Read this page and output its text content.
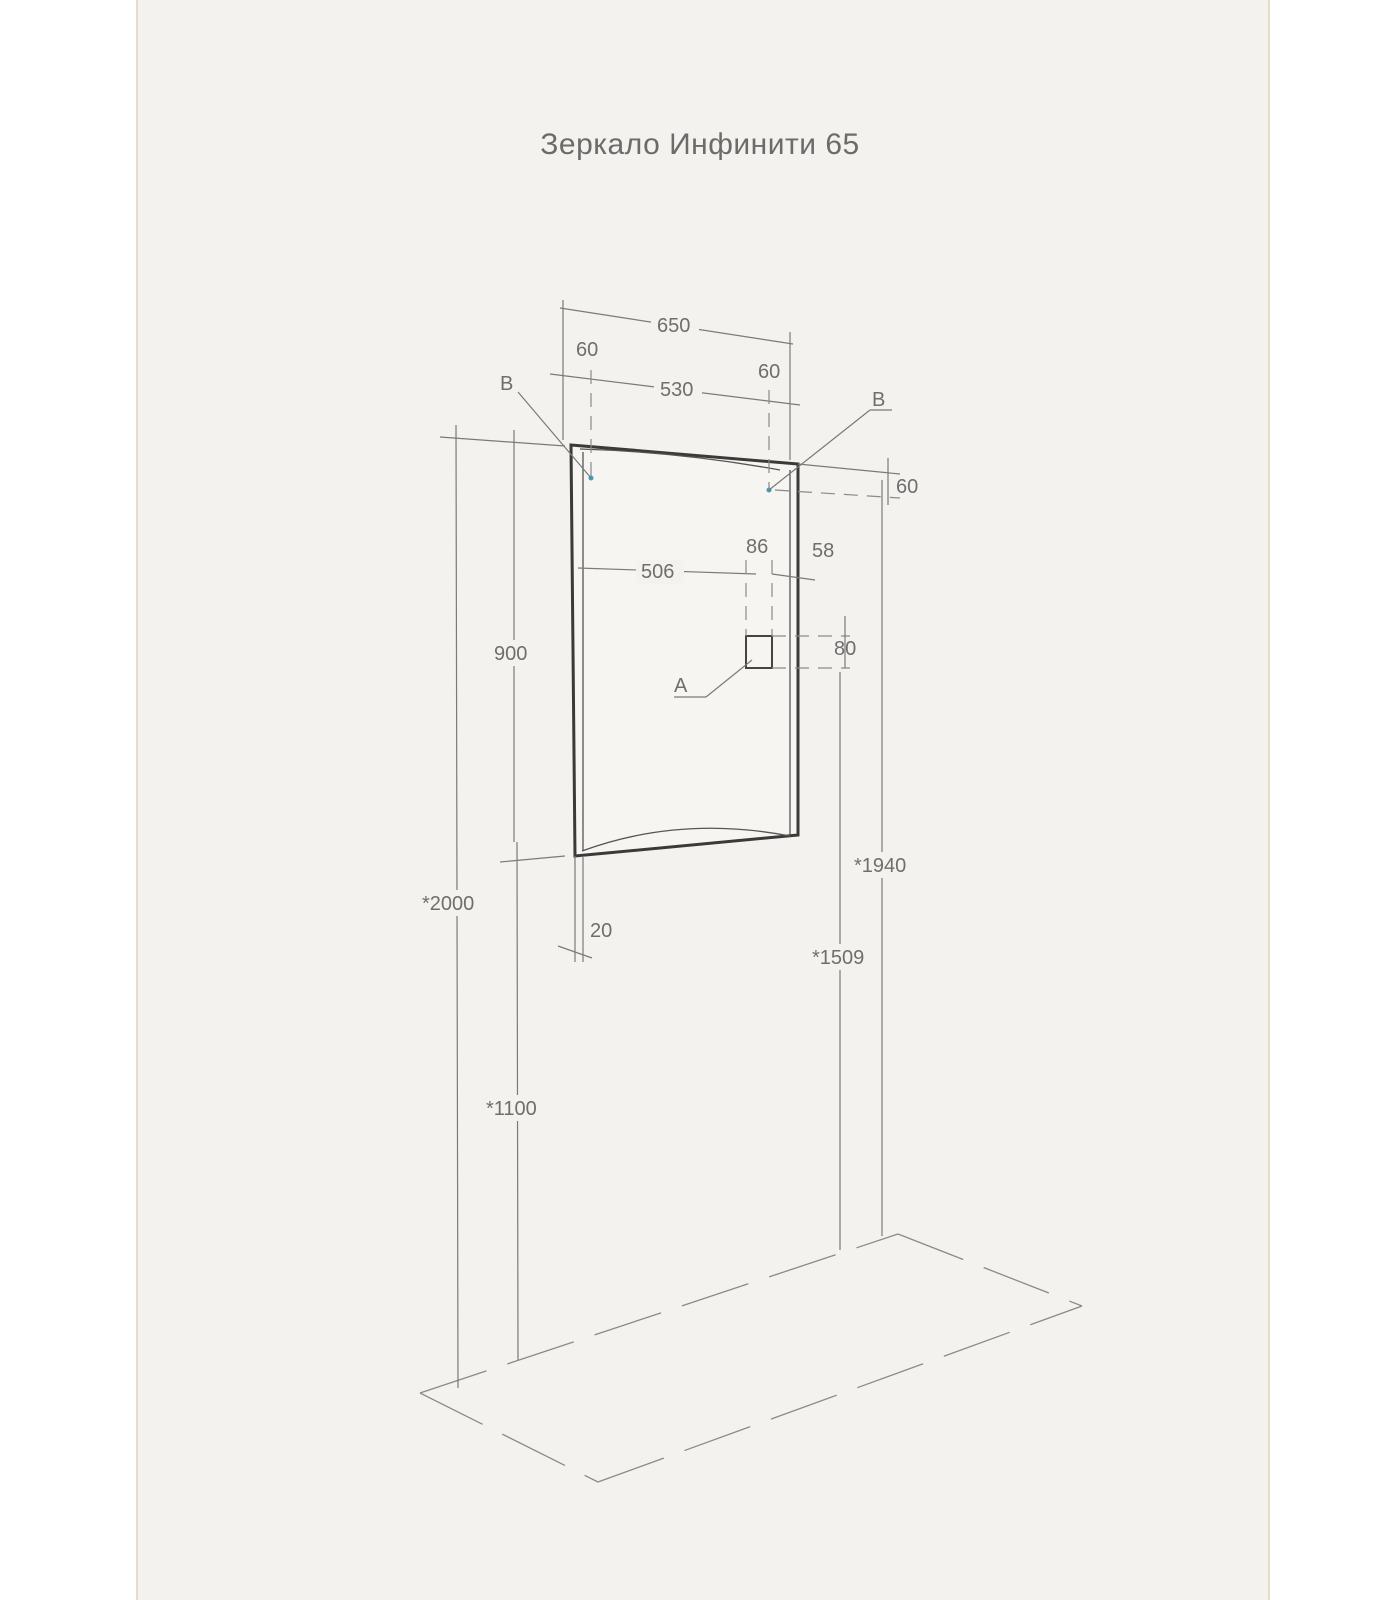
Зеркало Инфинити 65
650
530
60
60
60
B
B
506
86 58
80
A
*2000
900
*1100
20
*1940
*1509
